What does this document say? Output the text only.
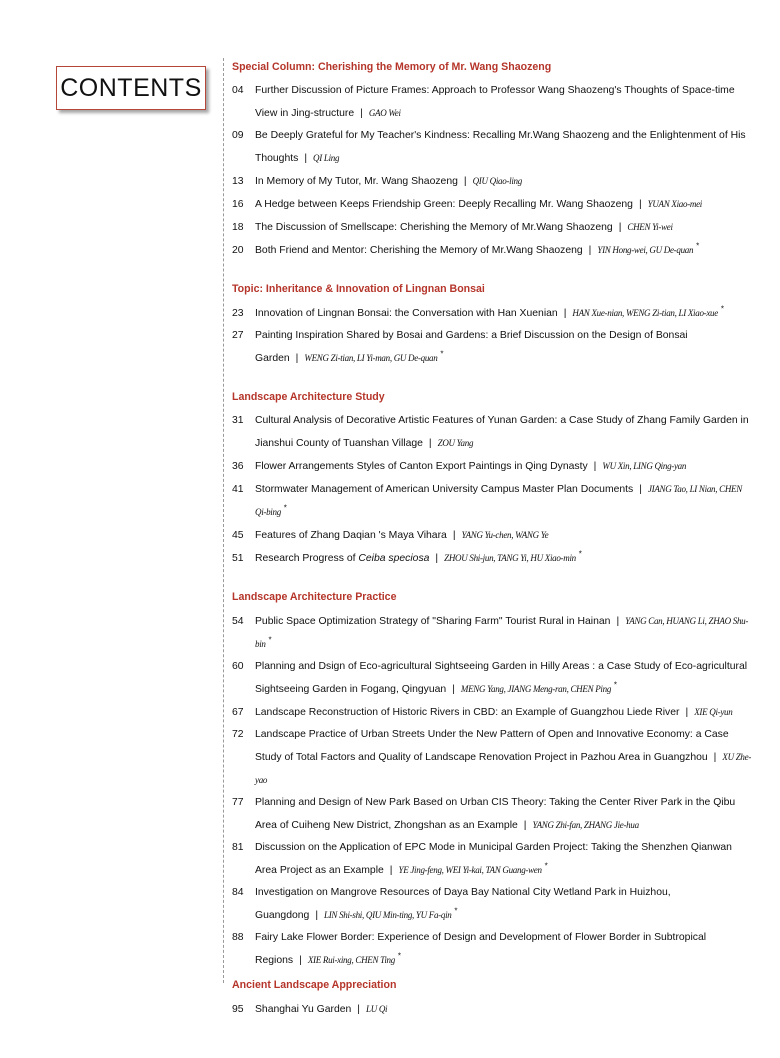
CONTENTS
Special Column: Cherishing the Memory of Mr. Wang Shaozeng
04 Further Discussion of Picture Frames: Approach to Professor Wang Shaozeng's Thoughts of Space-time View in Jing-structure | GAO Wei
09 Be Deeply Grateful for My Teacher's Kindness: Recalling Mr.Wang Shaozeng and the Enlightenment of His Thoughts | QI Ling
13 In Memory of My Tutor, Mr. Wang Shaozeng | QIU Qiao-ling
16 A Hedge between Keeps Friendship Green: Deeply Recalling Mr. Wang Shaozeng | YUAN Xiao-mei
18 The Discussion of Smellscape: Cherishing the Memory of Mr.Wang Shaozeng | CHEN Yi-wei
20 Both Friend and Mentor: Cherishing the Memory of Mr.Wang Shaozeng | YIN Hong-wei, GU De-quan *
Topic: Inheritance & Innovation of Lingnan Bonsai
23 Innovation of Lingnan Bonsai: the Conversation with Han Xuenian | HAN Xue-nian, WENG Zi-tian, LI Xiao-xue *
27 Painting Inspiration Shared by Bosai and Gardens: a Brief Discussion on the Design of Bonsai Garden | WENG Zi-tian, LI Yi-man, GU De-quan *
Landscape Architecture Study
31 Cultural Analysis of Decorative Artistic Features of Yunan Garden: a Case Study of Zhang Family Garden in Jianshui County of Tuanshan Village | ZOU Yang
36 Flower Arrangements Styles of Canton Export Paintings in Qing Dynasty | WU Xin, LING Qing-yan
41 Stormwater Management of American University Campus Master Plan Documents | JIANG Tao, LI Nian, CHEN Qi-bing *
45 Features of Zhang Daqian 's Maya Vihara | YANG Yu-chen, WANG Ye
51 Research Progress of Ceiba speciosa | ZHOU Shi-jun, TANG Yi, HU Xiao-min *
Landscape Architecture Practice
54 Public Space Optimization Strategy of "Sharing Farm" Tourist Rural in Hainan | YANG Can, HUANG Li, ZHAO Shu-bin *
60 Planning and Dsign of Eco-agricultural Sightseeing Garden in Hilly Areas : a Case Study of Eco-agricultural Sightseeing Garden in Fogang, Qingyuan | MENG Yang, JIANG Meng-ran, CHEN Ping *
67 Landscape Reconstruction of Historic Rivers in CBD: an Example of Guangzhou Liede River | XIE Qi-yun
72 Landscape Practice of Urban Streets Under the New Pattern of Open and Innovative Economy: a Case Study of Total Factors and Quality of Landscape Renovation Project in Pazhou Area in Guangzhou | XU Zhe-yao
77 Planning and Design of New Park Based on Urban CIS Theory: Taking the Center River Park in the Qibu Area of Cuiheng New District, Zhongshan as an Example | YANG Zhi-fan, ZHANG Jie-hua
81 Discussion on the Application of EPC Mode in Municipal Garden Project: Taking the Shenzhen Qianwan Area Project as an Example | YE Jing-feng, WEI Yi-kai, TAN Guang-wen *
84 Investigation on Mangrove Resources of Daya Bay National City Wetland Park in Huizhou, Guangdong | LIN Shi-shi, QIU Min-ting, YU Fa-qin *
88 Fairy Lake Flower Border: Experience of Design and Development of Flower Border in Subtropical Regions | XIE Rui-xing, CHEN Ting *
Ancient Landscape Appreciation
95 Shanghai Yu Garden | LU Qi
